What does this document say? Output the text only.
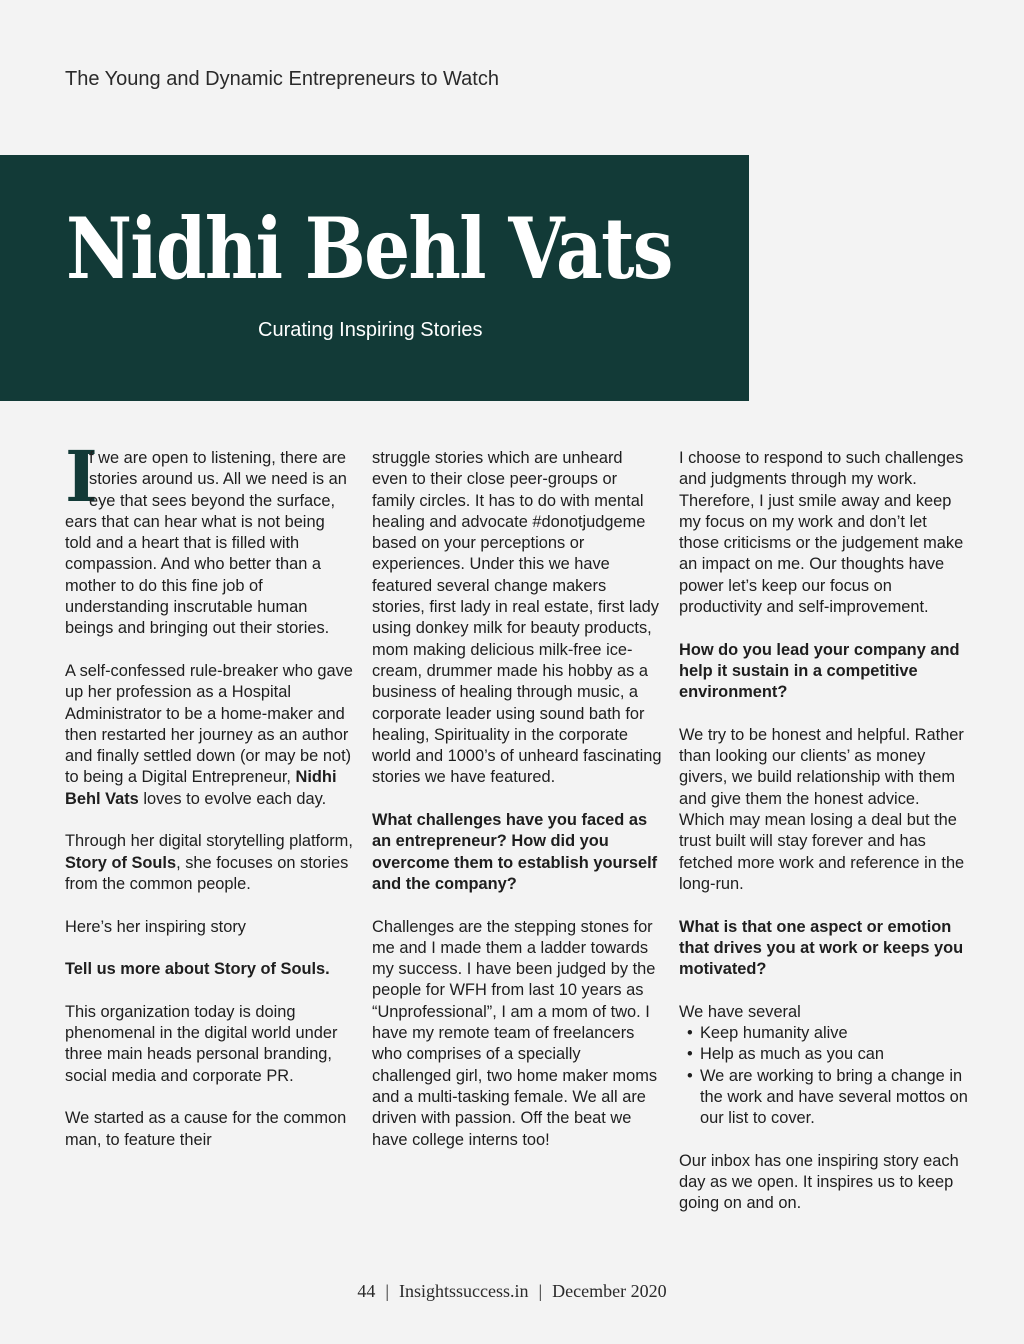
The Young and Dynamic Entrepreneurs to Watch
Nidhi Behl Vats
Curating Inspiring Stories

I
f we are open to listening, there are stories around us. All we need is an eye that sees beyond the surface, ears that can hear what is not being told and a heart that is filled with compassion. And who better than a mother to do this fine job of understanding inscrutable human beings and bringing out their stories.

A self-confessed rule-breaker who gave up her profession as a Hospital Administrator to be a home-maker and then restarted her journey as an author and finally settled down (or may be not) to being a Digital Entrepreneur, Nidhi Behl Vats loves to evolve each day.

Through her digital storytelling platform, Story of Souls, she focuses on stories from the common people.

Here’s her inspiring story

Tell us more about Story of Souls.

This organization today is doing phenomenal in the digital world under three main heads personal branding, social media and corporate PR.

We started as a cause for the common man, to feature their

struggle stories which are unheard even to their close peer-groups or family circles. It has to do with mental healing and advocate #donotjudgeme based on your perceptions or experiences. Under this we have featured several change makers stories, first lady in real estate, first lady using donkey milk for beauty products, mom making delicious milk-free ice-cream, drummer made his hobby as a business of healing through music, a corporate leader using sound bath for healing, Spirituality in the corporate world and 1000’s of unheard fascinating stories we have featured.

What challenges have you faced as an entrepreneur? How did you overcome them to establish yourself and the company?

Challenges are the stepping stones for me and I made them a ladder towards my success. I have been judged by the people for WFH from last 10 years as “Unprofessional”, I am a mom of two. I have my remote team of freelancers who comprises of a specially challenged girl, two home maker moms and a multi-tasking female. We all are driven with passion. Off the beat we have college interns too!

I choose to respond to such challenges and judgments through my work. Therefore, I just smile away and keep my focus on my work and don’t let those criticisms or the judgement make an impact on me. Our thoughts have power let’s keep our focus on productivity and self-improvement.

How do you lead your company and help it sustain in a competitive environment?

We try to be honest and helpful. Rather than looking our clients’ as money givers, we build relationship with them and give them the honest advice. Which may mean losing a deal but the trust built will stay forever and has fetched more work and reference in the long-run.

What is that one aspect or emotion that drives you at work or keeps you motivated?

We have several

• Keep humanity alive
• Help as much as you can
• We are working to bring a change in the work and have several mottos on our list to cover.

Our inbox has one inspiring story each day as we open. It inspires us to keep going on and on.

44 | Insightssuccess.in | December 2020
